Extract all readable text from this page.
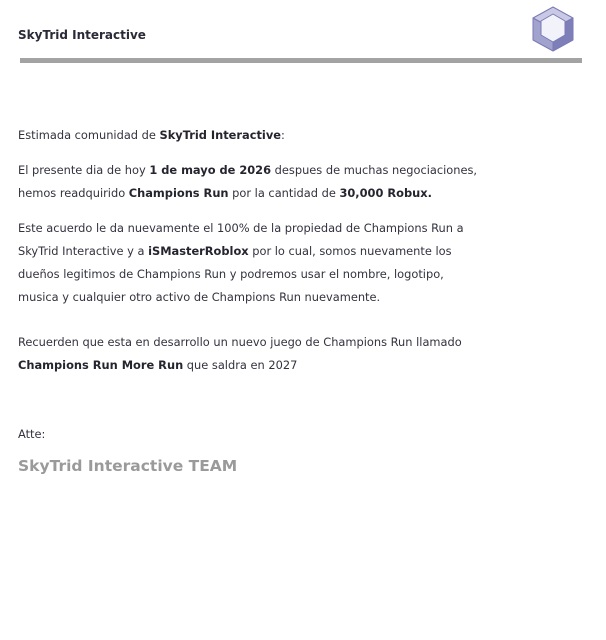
SkyTrid Interactive

Estimada comunidad de SkyTrid Interactive:

El presente dia de hoy 1 de mayo de 2026 despues de muchas negociaciones, hemos readquirido Champions Run por la cantidad de 30,000 Robux.

Este acuerdo le da nuevamente el 100% de la propiedad de Champions Run a SkyTrid Interactive y a iSMasterRoblox por lo cual, somos nuevamente los dueños legitimos de Champions Run y podremos usar el nombre, logotipo, musica y cualquier otro activo de Champions Run nuevamente.

Recuerden que esta en desarrollo un nuevo juego de Champions Run llamado Champions Run More Run que saldra en 2027

Atte:

SkyTrid Interactive TEAM
